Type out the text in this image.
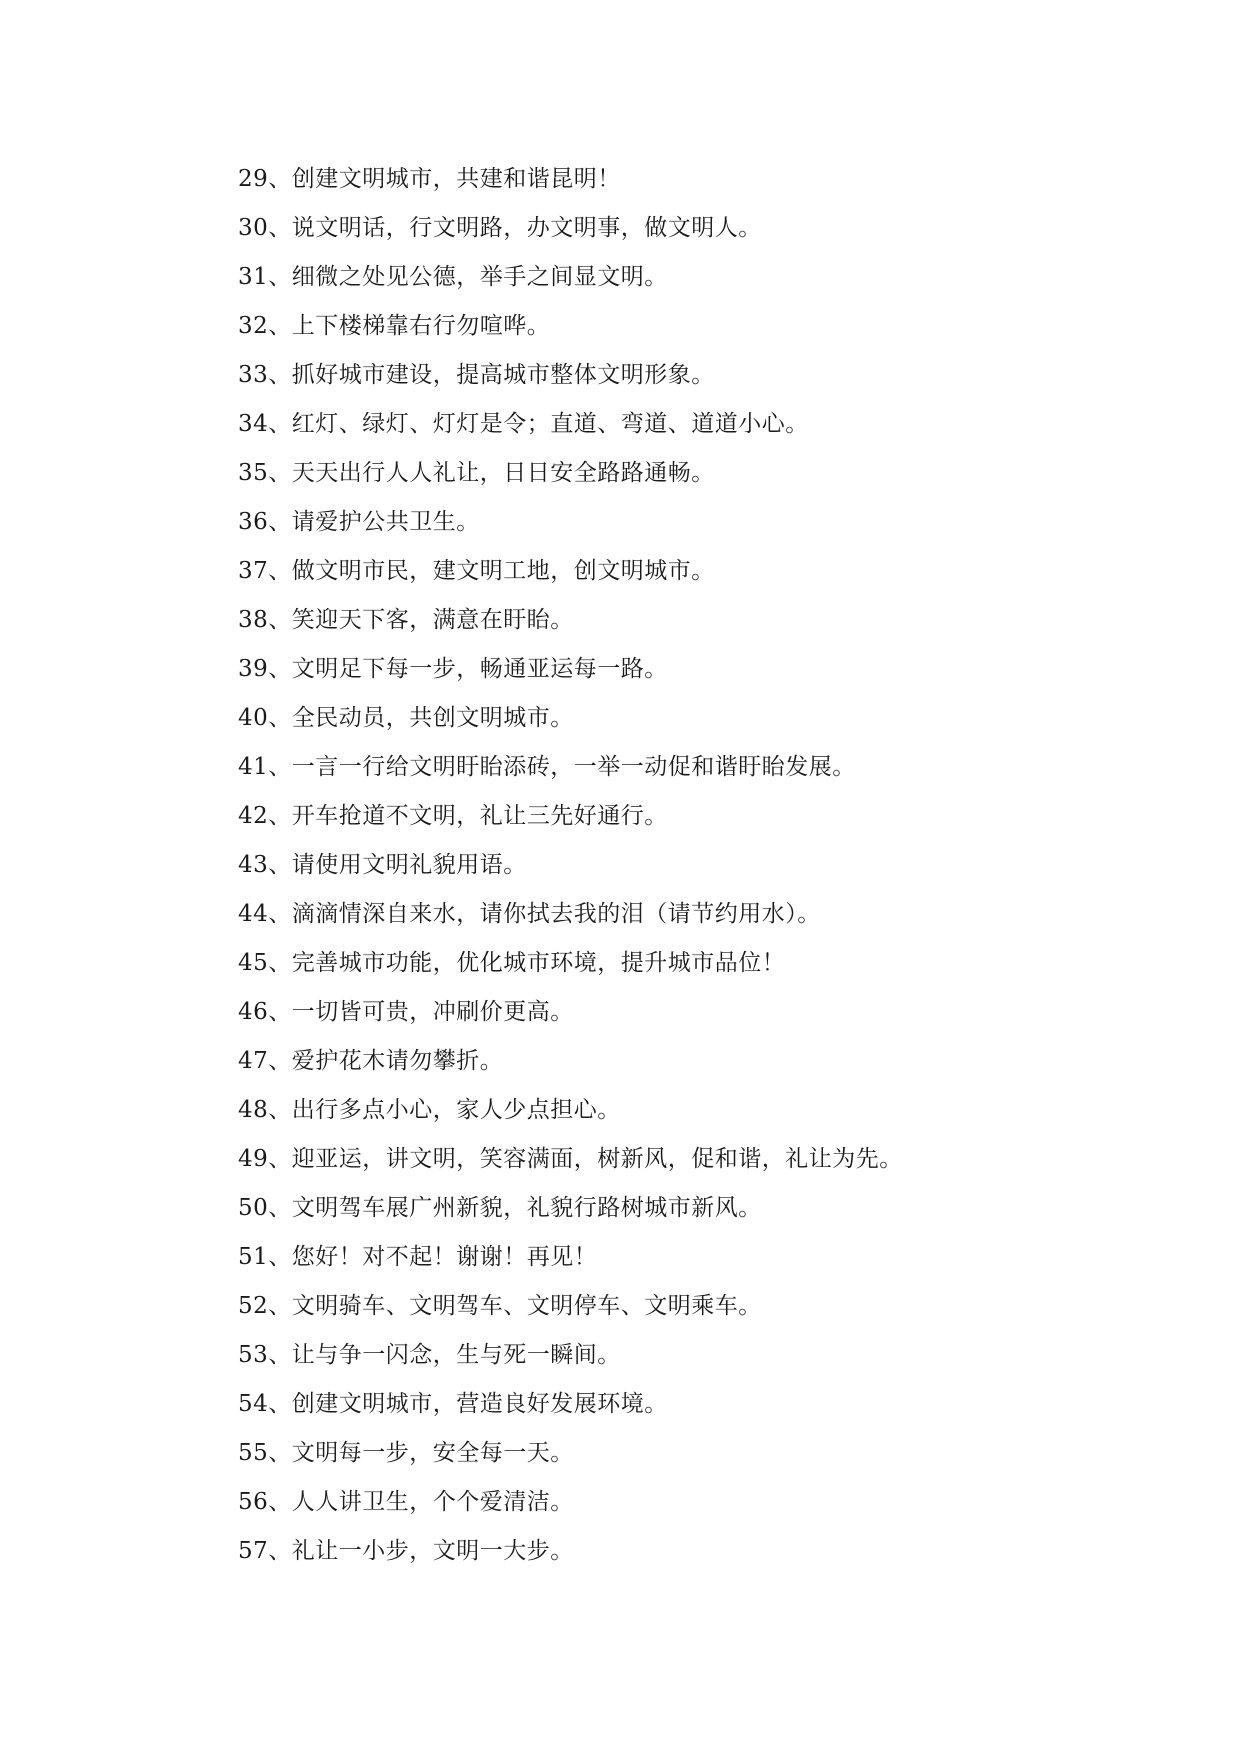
29、创建文明城市，共建和谐昆明！
30、说文明话，行文明路，办文明事，做文明人。
31、细微之处见公德，举手之间显文明。
32、上下楼梯靠右行勿喧哗。
33、抓好城市建设，提高城市整体文明形象。
34、红灯、绿灯、灯灯是令；直道、弯道、道道小心。
35、天天出行人人礼让，日日安全路路通畅。
36、请爱护公共卫生。
37、做文明市民，建文明工地，创文明城市。
38、笑迎天下客，满意在盱眙。
39、文明足下每一步，畅通亚运每一路。
40、全民动员，共创文明城市。
41、一言一行给文明盱眙添砖，一举一动促和谐盱眙发展。
42、开车抢道不文明，礼让三先好通行。
43、请使用文明礼貌用语。
44、滴滴情深自来水，请你拭去我的泪（请节约用水）。
45、完善城市功能，优化城市环境，提升城市品位！
46、一切皆可贵，冲刷价更高。
47、爱护花木请勿攀折。
48、出行多点小心，家人少点担心。
49、迎亚运，讲文明，笑容满面，树新风，促和谐，礼让为先。
50、文明驾车展广州新貌，礼貌行路树城市新风。
51、您好！对不起！谢谢！再见！
52、文明骑车、文明驾车、文明停车、文明乘车。
53、让与争一闪念，生与死一瞬间。
54、创建文明城市，营造良好发展环境。
55、文明每一步，安全每一天。
56、人人讲卫生，个个爱清洁。
57、礼让一小步，文明一大步。
